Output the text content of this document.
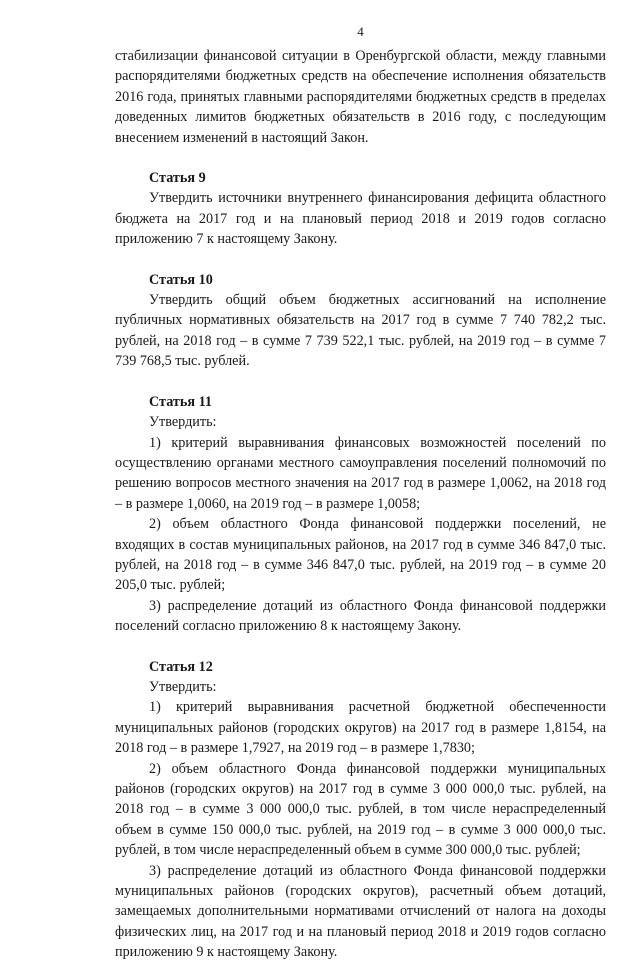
4

стабилизации финансовой ситуации в Оренбургской области, между главными распорядителями бюджетных средств на обеспечение исполнения обязательств 2016 года, принятых главными распорядителями бюджетных средств в пределах доведенных лимитов бюджетных обязательств в 2016 году, с последующим внесением изменений в настоящий Закон.

Статья 9

Утвердить источники внутреннего финансирования дефицита областного бюджета на 2017 год и на плановый период 2018 и 2019 годов согласно приложению 7 к настоящему Закону.

Статья 10

Утвердить общий объем бюджетных ассигнований на исполнение публичных нормативных обязательств на 2017 год в сумме 7 740 782,2 тыс. рублей, на 2018 год – в сумме 7 739 522,1 тыс. рублей, на 2019 год – в сумме 7 739 768,5 тыс. рублей.

Статья 11

Утвердить:

1) критерий выравнивания финансовых возможностей поселений по осуществлению органами местного самоуправления поселений полномочий по решению вопросов местного значения на 2017 год в размере 1,0062, на 2018 год – в размере 1,0060, на 2019 год – в размере 1,0058;

2) объем областного Фонда финансовой поддержки поселений, не входящих в состав муниципальных районов, на 2017 год в сумме 346 847,0 тыс. рублей, на 2018 год – в сумме 346 847,0 тыс. рублей, на 2019 год – в сумме 20 205,0 тыс. рублей;

3) распределение дотаций из областного Фонда финансовой поддержки поселений согласно приложению 8 к настоящему Закону.

Статья 12

Утвердить:

1) критерий выравнивания расчетной бюджетной обеспеченности муниципальных районов (городских округов) на 2017 год в размере 1,8154, на 2018 год – в размере 1,7927, на 2019 год – в размере 1,7830;

2) объем областного Фонда финансовой поддержки муниципальных районов (городских округов) на 2017 год в сумме 3 000 000,0 тыс. рублей, на 2018 год – в сумме 3 000 000,0 тыс. рублей, в том числе нераспределенный объем в сумме 150 000,0 тыс. рублей, на 2019 год – в сумме 3 000 000,0 тыс. рублей, в том числе нераспределенный объем в сумме 300 000,0 тыс. рублей;

3) распределение дотаций из областного Фонда финансовой поддержки муниципальных районов (городских округов), расчетный объем дотаций, замещаемых дополнительными нормативами отчислений от налога на доходы физических лиц, на 2017 год и на плановый период 2018 и 2019 годов согласно приложению 9 к настоящему Закону.
